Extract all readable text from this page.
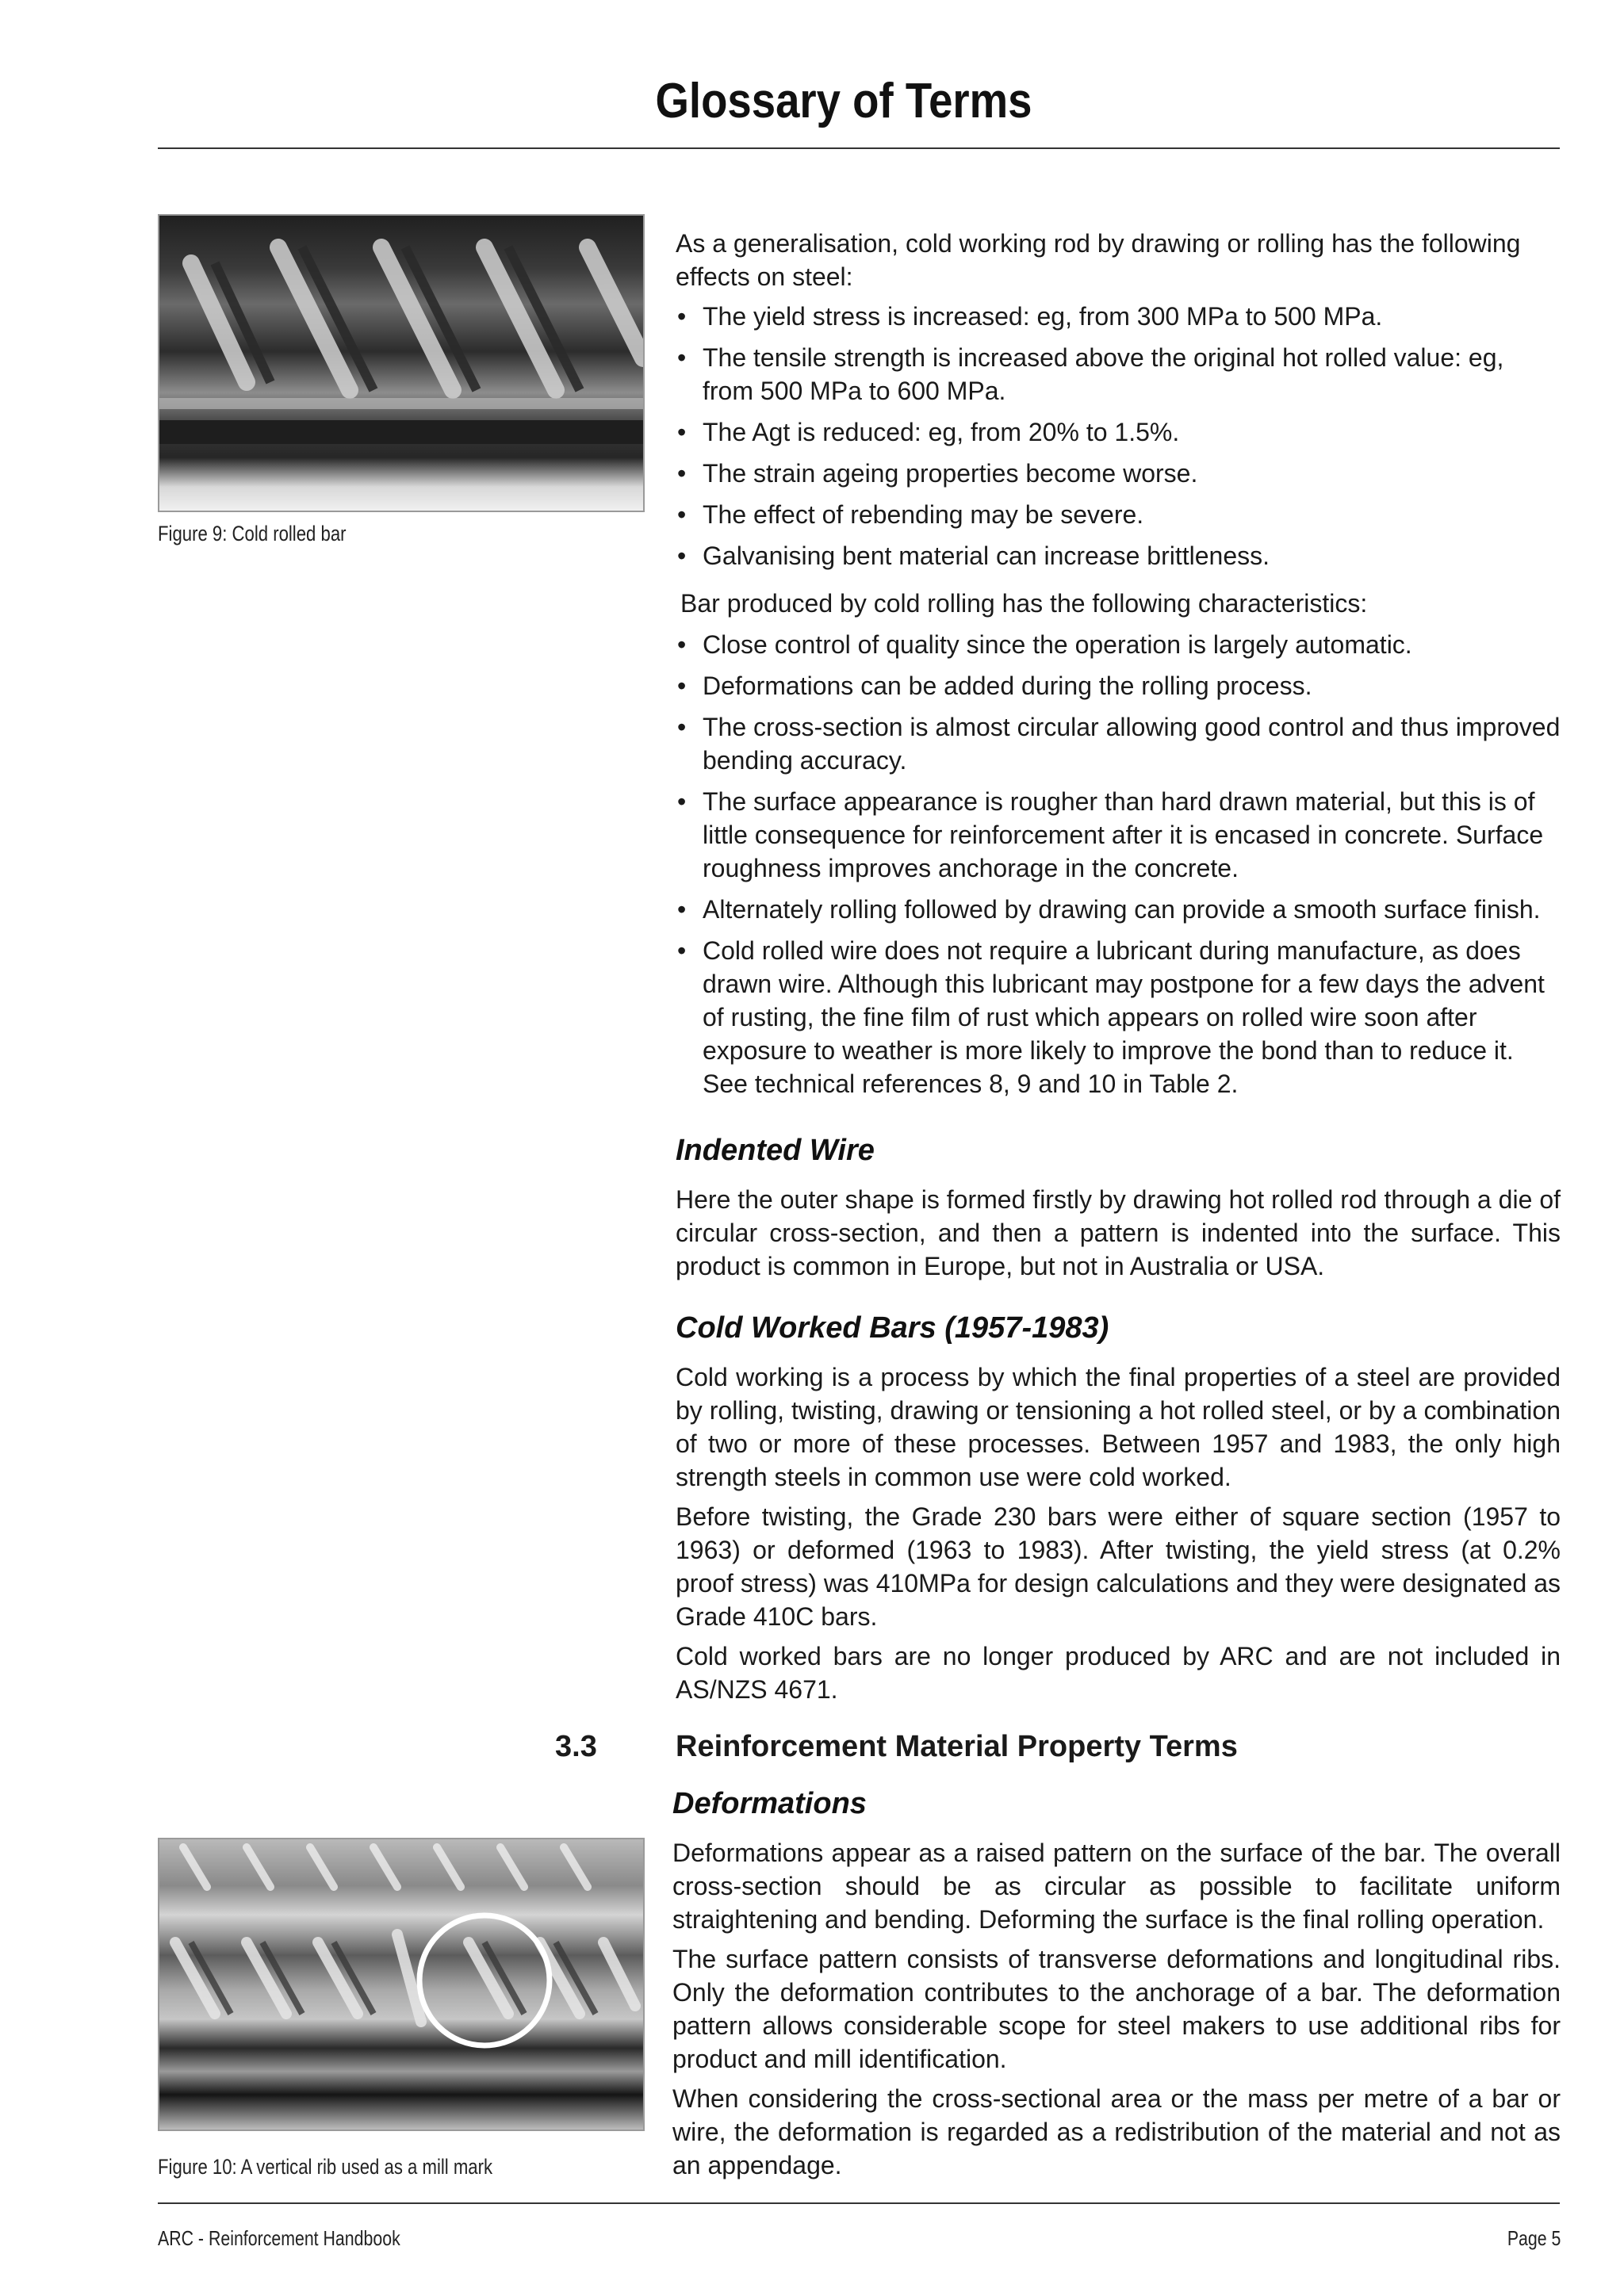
Glossary of Terms
Figure 9: Cold rolled bar

As a generalisation, cold working rod by drawing or rolling has the following effects on steel:

• The yield stress is increased: eg, from 300 MPa to 500 MPa.
• The tensile strength is increased above the original hot rolled value: eg, from 500 MPa to 600 MPa.
• The Agt is reduced: eg, from 20% to 1.5%.
• The strain ageing properties become worse.
• The effect of rebending may be severe.
• Galvanising bent material can increase brittleness.

Bar produced by cold rolling has the following characteristics:

• Close control of quality since the operation is largely automatic.
• Deformations can be added during the rolling process.
• The cross-section is almost circular allowing good control and thus improved bending accuracy.
• The surface appearance is rougher than hard drawn material, but this is of little consequence for reinforcement after it is encased in concrete. Surface roughness improves anchorage in the concrete.
• Alternately rolling followed by drawing can provide a smooth surface finish.
• Cold rolled wire does not require a lubricant during manufacture, as does drawn wire. Although this lubricant may postpone for a few days the advent of rusting, the fine film of rust which appears on rolled wire soon after exposure to weather is more likely to improve the bond than to reduce it. See technical references 8, 9 and 10 in Table 2.
Indented Wire

Here the outer shape is formed firstly by drawing hot rolled rod through a die of circular cross-section, and then a pattern is indented into the surface. This product is common in Europe, but not in Australia or USA.

Cold Worked Bars (1957-1983)

Cold working is a process by which the final properties of a steel are provided by rolling, twisting, drawing or tensioning a hot rolled steel, or by a combination of two or more of these processes. Between 1957 and 1983, the only high strength steels in common use were cold worked.

Before twisting, the Grade 230 bars were either of square section (1957 to 1963) or deformed (1963 to 1983). After twisting, the yield stress (at 0.2% proof stress) was 410MPa for design calculations and they were designated as Grade 410C bars.

Cold worked bars are no longer produced by ARC and are not included in AS/NZS 4671.

3.3	Reinforcement Material Property Terms
Deformations

Deformations appear as a raised pattern on the surface of the bar. The overall cross-section should be as circular as possible to facilitate uniform straightening and bending. Deforming the surface is the final rolling operation.

The surface pattern consists of transverse deformations and longitudinal ribs. Only the deformation contributes to the anchorage of a bar. The deformation pattern allows considerable scope for steel makers to use additional ribs for product and mill identification.

When considering the cross-sectional area or the mass per metre of a bar or wire, the deformation is regarded as a redistribution of the material and not as an appendage.

Figure 10: A vertical rib used as a mill mark
ARC - Reinforcement Handbook	Page 5
